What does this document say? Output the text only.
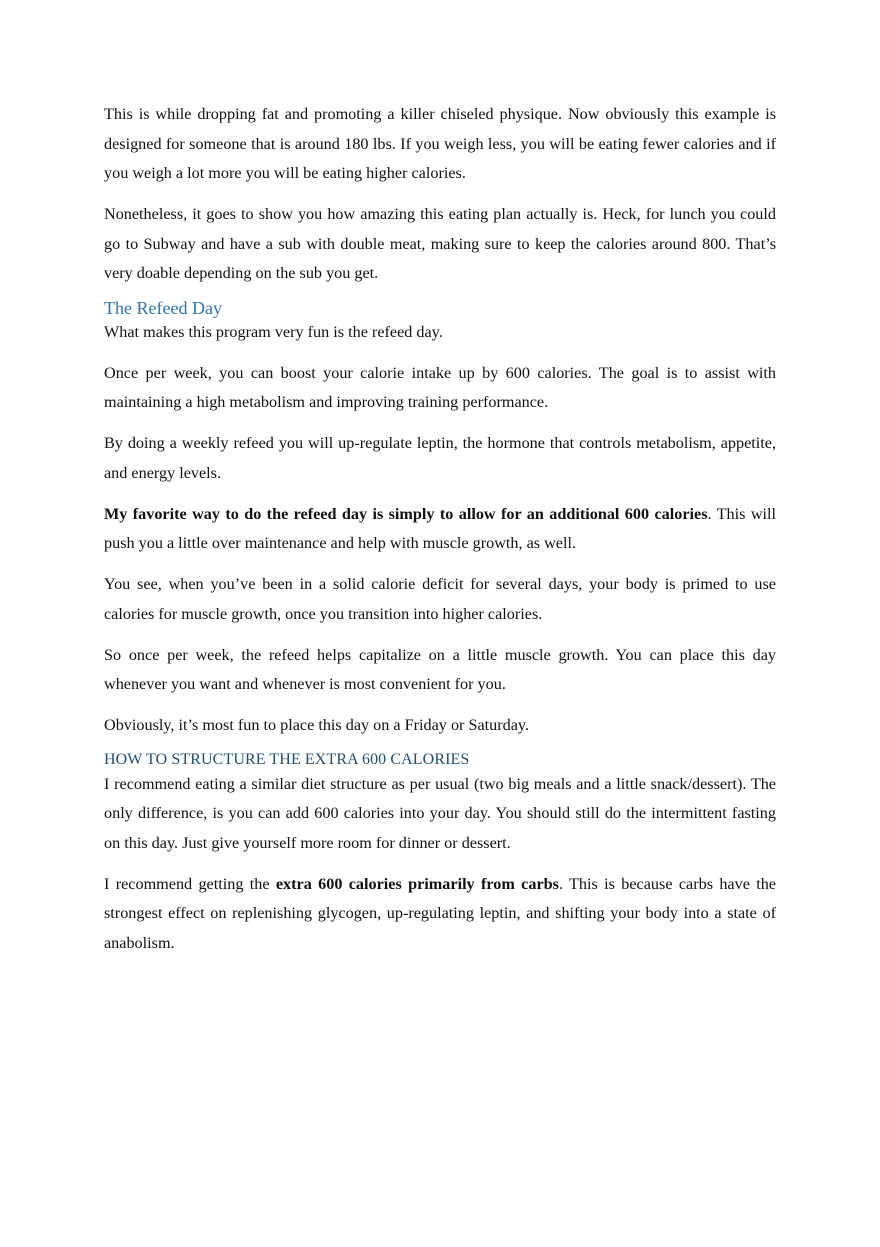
This is while dropping fat and promoting a killer chiseled physique. Now obviously this example is designed for someone that is around 180 lbs. If you weigh less, you will be eating fewer calories and if you weigh a lot more you will be eating higher calories.

Nonetheless, it goes to show you how amazing this eating plan actually is. Heck, for lunch you could go to Subway and have a sub with double meat, making sure to keep the calories around 800. That’s very doable depending on the sub you get.

The Refeed Day

What makes this program very fun is the refeed day.

Once per week, you can boost your calorie intake up by 600 calories. The goal is to assist with maintaining a high metabolism and improving training performance.

By doing a weekly refeed you will up-regulate leptin, the hormone that controls metabolism, appetite, and energy levels.

My favorite way to do the refeed day is simply to allow for an additional 600 calories. This will push you a little over maintenance and help with muscle growth, as well.

You see, when you’ve been in a solid calorie deficit for several days, your body is primed to use calories for muscle growth, once you transition into higher calories.

So once per week, the refeed helps capitalize on a little muscle growth. You can place this day whenever you want and whenever is most convenient for you.

Obviously, it’s most fun to place this day on a Friday or Saturday.

HOW TO STRUCTURE THE EXTRA 600 CALORIES

I recommend eating a similar diet structure as per usual (two big meals and a little snack/dessert). The only difference, is you can add 600 calories into your day. You should still do the intermittent fasting on this day. Just give yourself more room for dinner or dessert.

I recommend getting the extra 600 calories primarily from carbs. This is because carbs have the strongest effect on replenishing glycogen, up-regulating leptin, and shifting your body into a state of anabolism.
